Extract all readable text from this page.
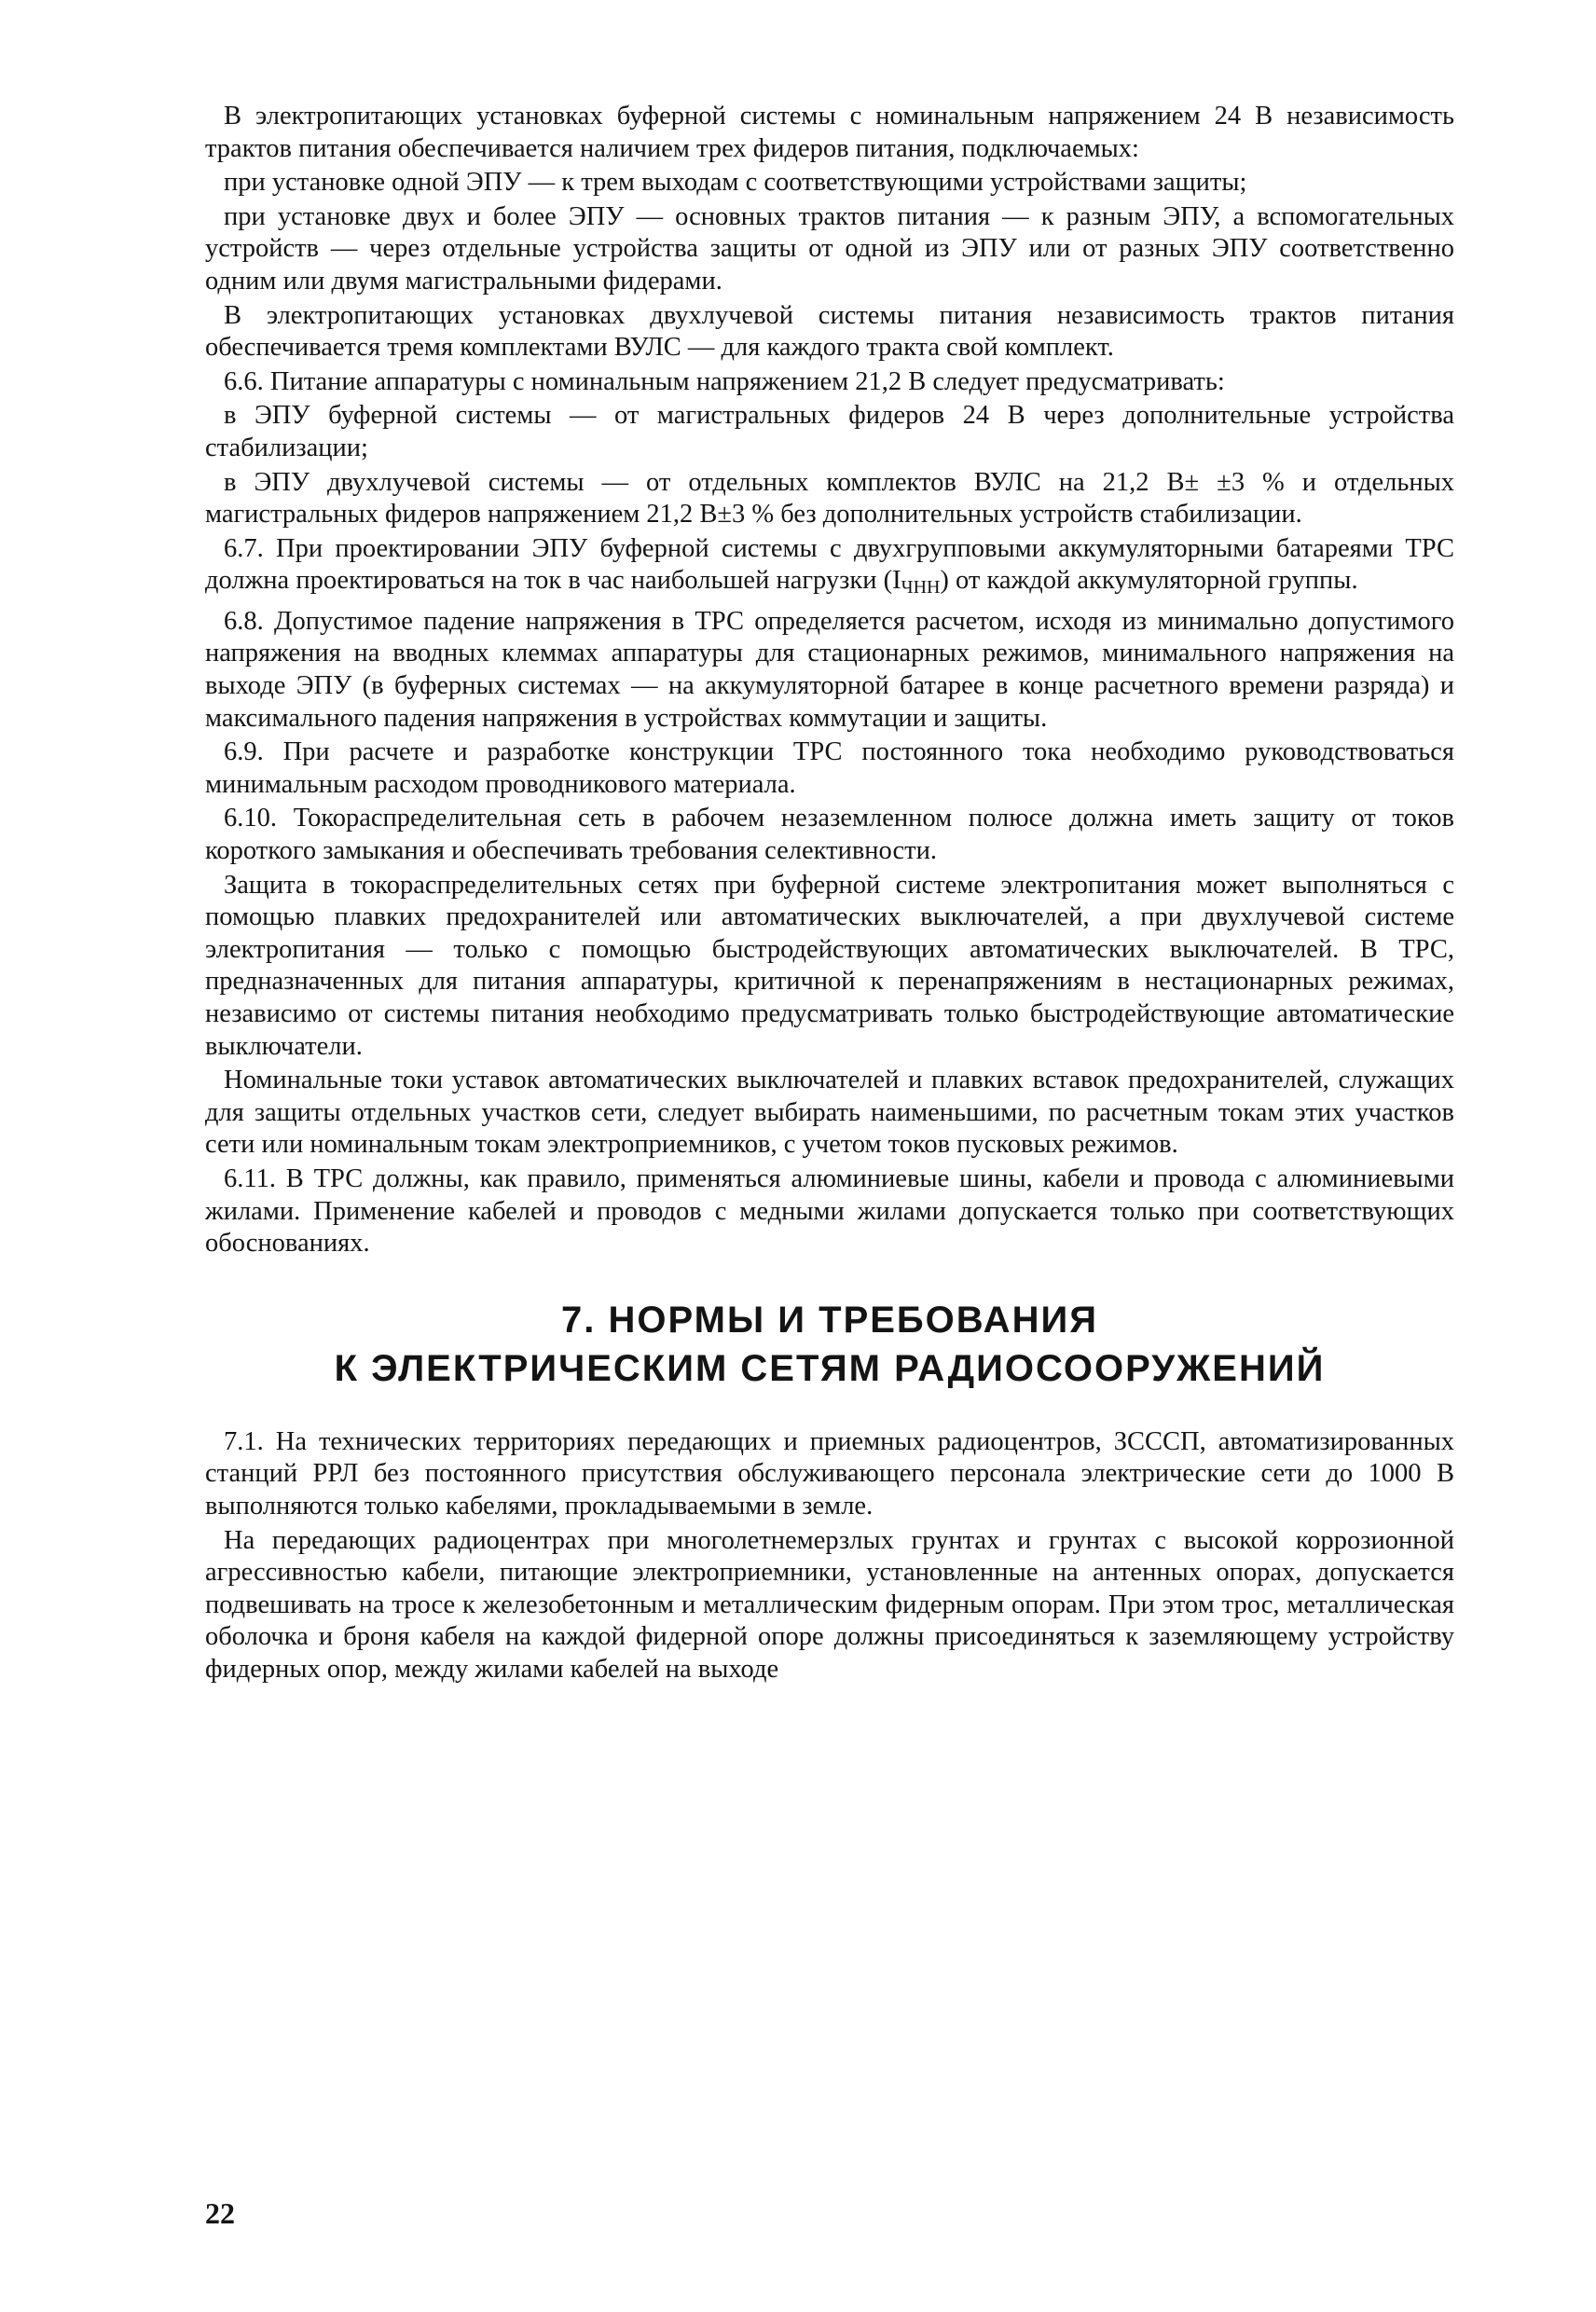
В электропитающих установках буферной системы с номинальным напряжением 24 В независимость трактов питания обеспечивается наличием трех фидеров питания, подключаемых:

при установке одной ЭПУ — к трем выходам с соответствующими устройствами защиты;

при установке двух и более ЭПУ — основных трактов питания — к разным ЭПУ, а вспомогательных устройств — через отдельные устройства защиты от одной из ЭПУ или от разных ЭПУ соответственно одним или двумя магистральными фидерами.

В электропитающих установках двухлучевой системы питания независимость трактов питания обеспечивается тремя комплектами ВУЛС — для каждого тракта свой комплект.

6.6. Питание аппаратуры с номинальным напряжением 21,2 В следует предусматривать:

в ЭПУ буферной системы — от магистральных фидеров 24 В через дополнительные устройства стабилизации;

в ЭПУ двухлучевой системы — от отдельных комплектов ВУЛС на 21,2 В± ±3 % и отдельных магистральных фидеров напряжением 21,2 В±3 % без дополнительных устройств стабилизации.

6.7. При проектировании ЭПУ буферной системы с двухгрупповыми аккумуляторными батареями ТРС должна проектироваться на ток в час наибольшей нагрузки $(I_{ЧНН})$ от каждой аккумуляторной группы.

6.8. Допустимое падение напряжения в ТРС определяется расчетом, исходя из минимально допустимого напряжения на вводных клеммах аппаратуры для стационарных режимов, минимального напряжения на выходе ЭПУ (в буферных системах — на аккумуляторной батарее в конце расчетного времени разряда) и максимального падения напряжения в устройствах коммутации и защиты.

6.9. При расчете и разработке конструкции ТРС постоянного тока необходимо руководствоваться минимальным расходом проводникового материала.

6.10. Токораспределительная сеть в рабочем незаземленном полюсе должна иметь защиту от токов короткого замыкания и обеспечивать требования селективности.

Защита в токораспределительных сетях при буферной системе электропитания может выполняться с помощью плавких предохранителей или автоматических выключателей, а при двухлучевой системе электропитания — только с помощью быстродействующих автоматических выключателей. В ТРС, предназначенных для питания аппаратуры, критичной к перенапряжениям в нестационарных режимах, независимо от системы питания необходимо предусматривать только быстродействующие автоматические выключатели.

Номинальные токи уставок автоматических выключателей и плавких вставок предохранителей, служащих для защиты отдельных участков сети, следует выбирать наименьшими, по расчетным токам этих участков сети или номинальным токам электроприемников, с учетом токов пусковых режимов.

6.11. В ТРС должны, как правило, применяться алюминиевые шины, кабели и провода с алюминиевыми жилами. Применение кабелей и проводов с медными жилами допускается только при соответствующих обоснованиях.

7. НОРМЫ И ТРЕБОВАНИЯ
К ЭЛЕКТРИЧЕСКИМ СЕТЯМ РАДИОСООРУЖЕНИЙ

7.1. На технических территориях передающих и приемных радиоцентров, ЗСССП, автоматизированных станций РРЛ без постоянного присутствия обслуживающего персонала электрические сети до 1000 В выполняются только кабелями, прокладываемыми в земле.

На передающих радиоцентрах при многолетнемерзлых грунтах и грунтах с высокой коррозионной агрессивностью кабели, питающие электроприемники, установленные на антенных опорах, допускается подвешивать на тросе к железобетонным и металлическим фидерным опорам. При этом трос, металлическая оболочка и броня кабеля на каждой фидерной опоре должны присоединяться к заземляющему устройству фидерных опор, между жилами кабелей на выходе

22
